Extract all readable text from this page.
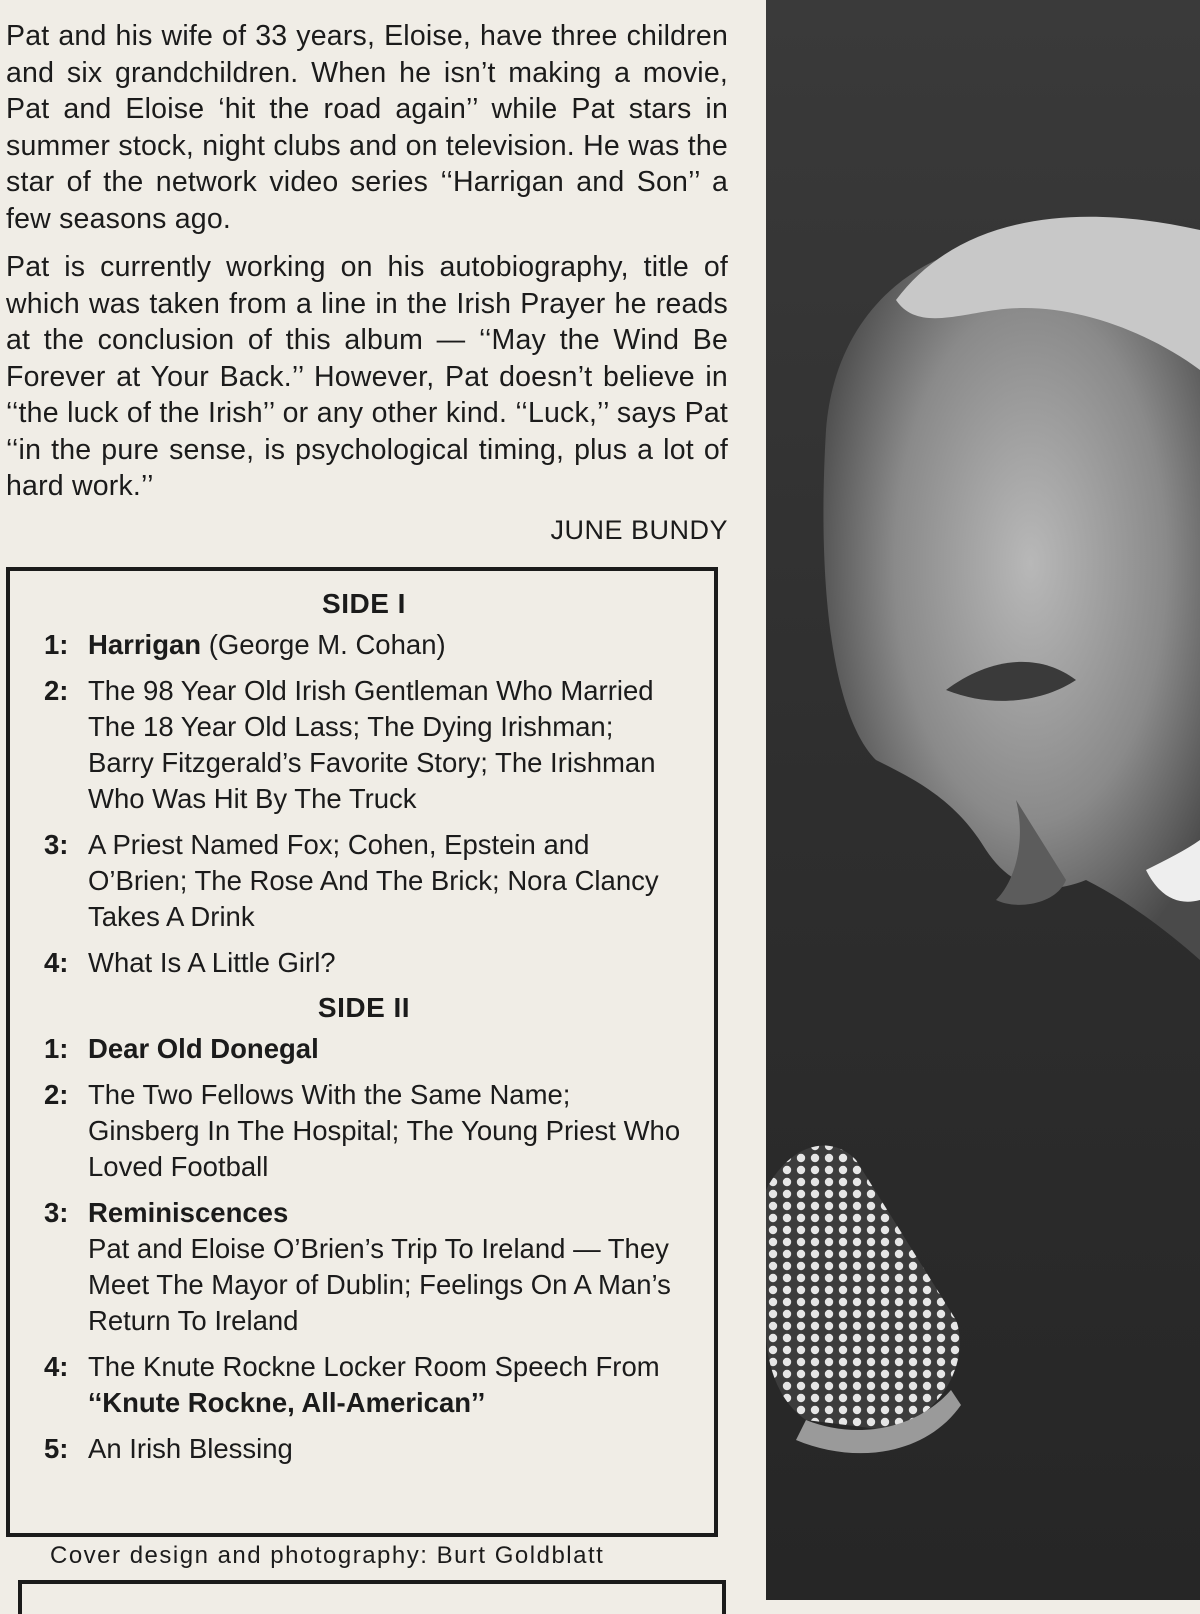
Pat and his wife of 33 years, Eloise, have three children and six grandchildren. When he isn’t making a movie, Pat and Eloise ‘hit the road again’’ while Pat stars in summer stock, night clubs and on television. He was the star of the network video series ‘‘Harrigan and Son’’ a few seasons ago.

Pat is currently working on his autobiography, title of which was taken from a line in the Irish Prayer he reads at the conclusion of this album — ‘‘May the Wind Be Forever at Your Back.’’ However, Pat doesn’t believe in ‘‘the luck of the Irish’’ or any other kind. ‘‘Luck,’’ says Pat ‘‘in the pure sense, is psychological timing, plus a lot of hard work.’’

JUNE BUNDY
SIDE I
1: Harrigan (George M. Cohan)
2: The 98 Year Old Irish Gentleman Who Married The 18 Year Old Lass; The Dying Irishman; Barry Fitzgerald’s Favorite Story; The Irishman Who Was Hit By The Truck
3: A Priest Named Fox; Cohen, Epstein and O’Brien; The Rose And The Brick; Nora Clancy Takes A Drink
4: What Is A Little Girl?
SIDE II
1: Dear Old Donegal
2: The Two Fellows With the Same Name; Ginsberg In The Hospital; The Young Priest Who Loved Football
3: Reminiscences
Pat and Eloise O’Brien’s Trip To Ireland — They Meet The Mayor of Dublin; Feelings On A Man’s Return To Ireland
4: The Knute Rockne Locker Room Speech From ‘‘Knute Rockne, All-American’’
5: An Irish Blessing
Cover design and photography: Burt Goldblatt
